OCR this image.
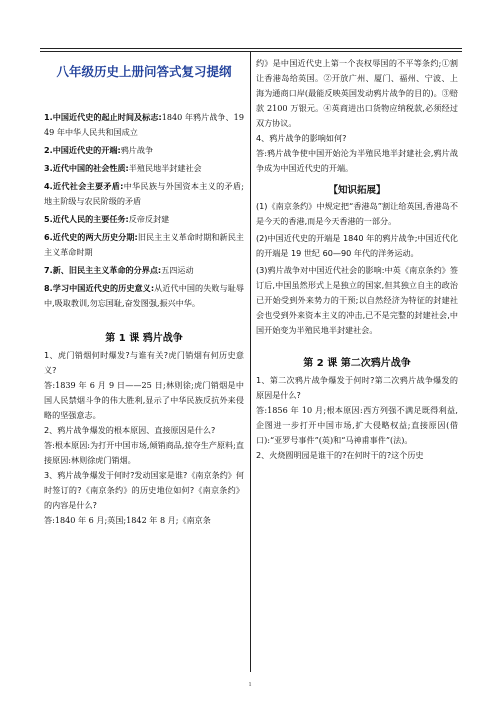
八年级历史上册问答式复习提纲

1.中国近代史的起止时间及标志:1840 年鸦片战争、1949 年中华人民共和国成立

2.中国近代史的开端:鸦片战争

3.近代中国的社会性质:半殖民地半封建社会

4.近代社会主要矛盾:中华民族与外国资本主义的矛盾;地主阶级与农民阶级的矛盾

5.近代人民的主要任务:反帝反封建

6.近代史的两大历史分期:旧民主主义革命时期和新民主主义革命时期

7.新、旧民主主义革命的分界点:五四运动

8.学习中国近代史的历史意义:从近代中国的失败与耻辱中,吸取教训,勿忘国耻,奋发图强,振兴中华。

第 1 课 鸦片战争

1、虎门销烟何时爆发?与谁有关?虎门销烟有何历史意义?

答:1839 年 6 月 9 日——25 日;林则徐;虎门销烟是中国人民禁烟斗争的伟大胜利,显示了中华民族反抗外来侵略的坚强意志。

2、鸦片战争爆发的根本原因、直接原因是什么?

答:根本原因:为打开中国市场,倾销商品,掠夺生产原料;直接原因:林则徐虎门销烟。

3、鸦片战争爆发于何时?发动国家是谁?《南京条约》何时签订的?《南京条约》的历史地位如何?《南京条约》的内容是什么?

答:1840 年 6 月;英国;1842 年 8 月;《南京条

约》是中国近代史上第一个丧权辱国的不平等条约;①割让香港岛给英国。②开放广州、厦门、福州、宁波、上海为通商口岸(最能反映英国发动鸦片战争的目的)。③赔款 2100 万银元。④英商进出口货物应纳税款,必须经过双方协议。

4、鸦片战争的影响如何?

答:鸦片战争使中国开始沦为半殖民地半封建社会,鸦片战争成为中国近代史的开端。

【知识拓展】

(1)《南京条约》中规定把“香港岛”割让给英国,香港岛不是今天的香港,而是今天香港的一部分。

(2)中国近代史的开端是 1840 年的鸦片战争;中国近代化的开端是 19 世纪 60—90 年代的洋务运动。

(3)鸦片战争对中国近代社会的影响:中英《南京条约》签订后,中国虽然形式上是独立的国家,但其独立自主的政治已开始受到外来势力的干预;以自然经济为特征的封建社会也受到外来资本主义的冲击,已不是完整的封建社会,中国开始变为半殖民地半封建社会。

第 2 课 第二次鸦片战争

1、第二次鸦片战争爆发于何时?第二次鸦片战争爆发的原因是什么?

答:1856 年 10 月;根本原因:西方列强不满足既得利益,企图进一步打开中国市场,扩大侵略权益;直接原因(借口):“亚罗号事件”(英)和“马神甫事件”(法)。

2、火烧圆明园是谁干的?在何时干的?这个历史

1
